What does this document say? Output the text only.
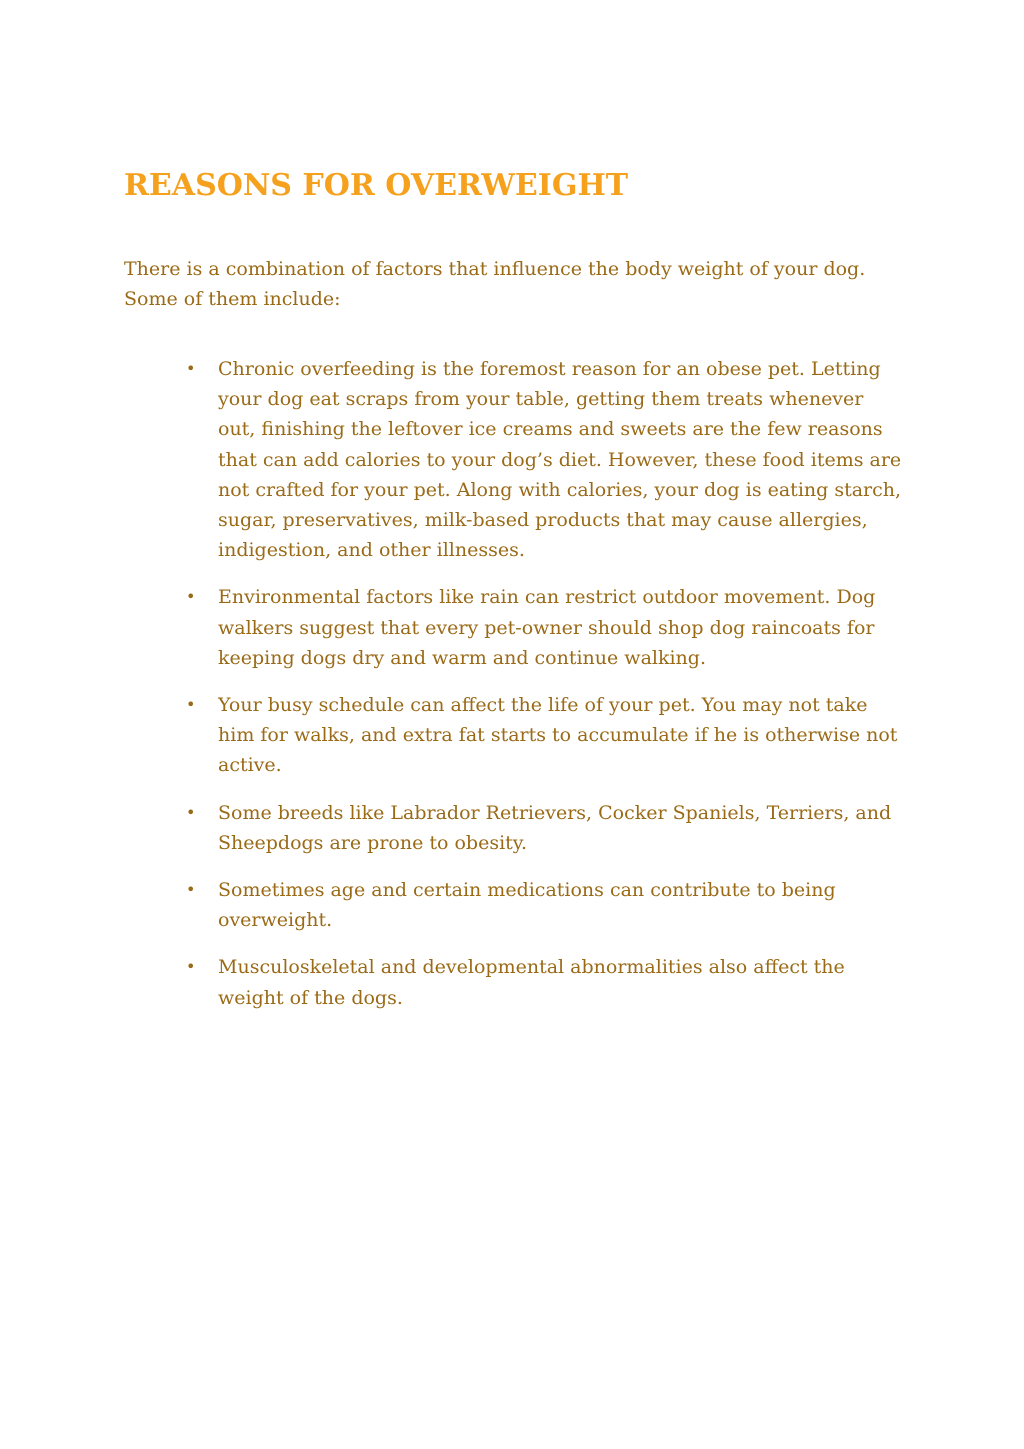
REASONS FOR OVERWEIGHT

There is a combination of factors that influence the body weight of your dog. Some of them include:

• Chronic overfeeding is the foremost reason for an obese pet. Letting your dog eat scraps from your table, getting them treats whenever out, finishing the leftover ice creams and sweets are the few reasons that can add calories to your dog’s diet. However, these food items are not crafted for your pet. Along with calories, your dog is eating starch, sugar, preservatives, milk-based products that may cause allergies, indigestion, and other illnesses.
• Environmental factors like rain can restrict outdoor movement. Dog walkers suggest that every pet-owner should shop dog raincoats for keeping dogs dry and warm and continue walking.
• Your busy schedule can affect the life of your pet. You may not take him for walks, and extra fat starts to accumulate if he is otherwise not active.
• Some breeds like Labrador Retrievers, Cocker Spaniels, Terriers, and Sheepdogs are prone to obesity.
• Sometimes age and certain medications can contribute to being overweight.
• Musculoskeletal and developmental abnormalities also affect the weight of the dogs.
